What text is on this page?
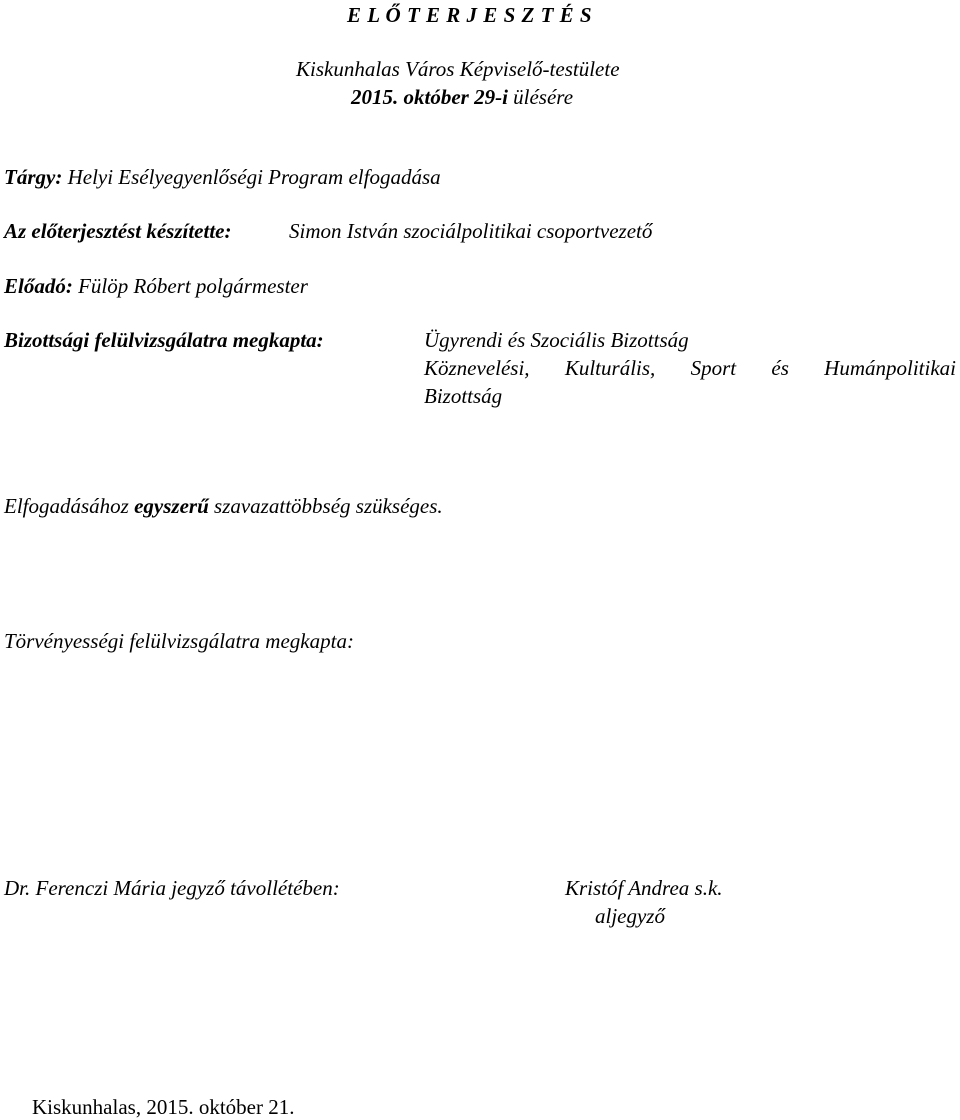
E L Ő T E R J E S Z T É S
Kiskunhalas Város Képviselő-testülete
2015. október 29-i ülésére
Tárgy: Helyi Esélyegyenlőségi Program elfogadása
Az előterjesztést készítette:	Simon István szociálpolitikai csoportvezető
Előadó: Fülöp Róbert polgármester
Bizottsági felülvizsgálatra megkapta:	Ügyrendi és Szociális Bizottság
Köznevelési, Kulturális, Sport és Humánpolitikai
Bizottság
Elfogadásához egyszerű szavazattöbbség szükséges.
Törvényességi felülvizsgálatra megkapta:
Dr. Ferenczi Mária jegyző távollétében:	Kristóf Andrea s.k.
aljegyző
Kiskunhalas, 2015. október 21.
